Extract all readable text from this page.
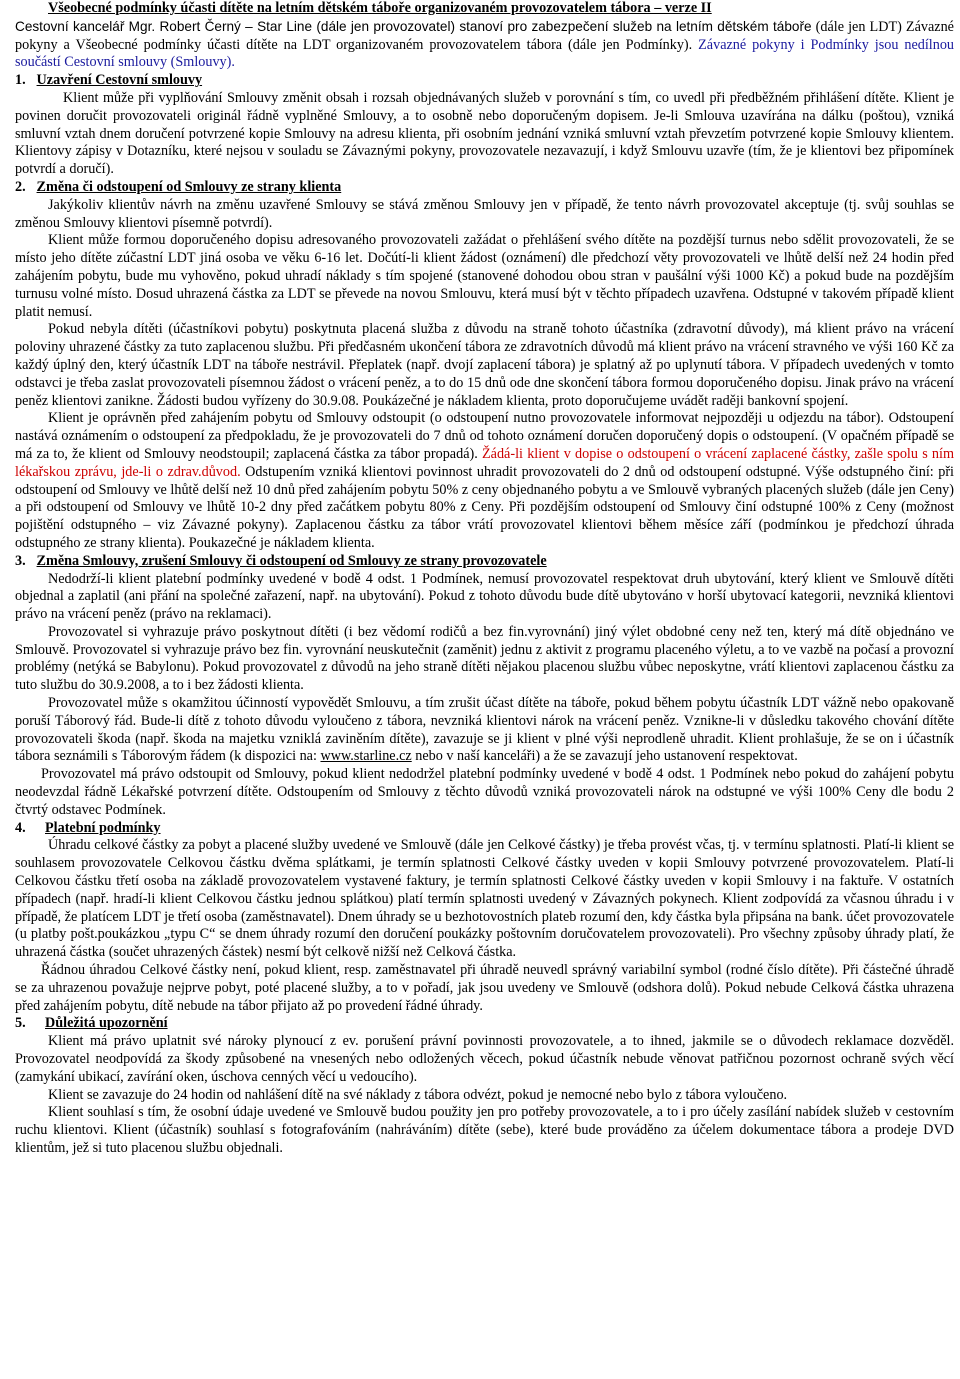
Všeobecné podmínky účasti dítěte na letním dětském táboře organizovaném provozovatelem tábora – verze II

Cestovní kancelář Mgr. Robert Černý – Star Line (dále jen provozovatel) stanoví pro zabezpečení služeb na letním dětském táboře (dále jen LDT) Závazné pokyny a Všeobecné podmínky účasti dítěte na LDT organizovaném provozovatelem tábora (dále jen Podmínky). Závazné pokyny i Podmínky jsou nedílnou součástí Cestovní smlouvy (Smlouvy).

1. Uzavření Cestovní smlouvy

Klient může při vyplňování Smlouvy změnit obsah i rozsah objednávaných služeb v porovnání s tím, co uvedl při předběžném přihlášení dítěte. Klient je povinen doručit provozovateli originál řádně vyplněné Smlouvy, a to osobně nebo doporučeným dopisem. Je-li Smlouva uzavírána na dálku (poštou), vzniká smluvní vztah dnem doručení potvrzené kopie Smlouvy na adresu klienta, při osobním jednání vzniká smluvní vztah převzetím potvrzené kopie Smlouvy klientem. Klientovy zápisy v Dotazníku, které nejsou v souladu se Závaznými pokyny, provozovatele nezavazují, i když Smlouvu uzavře (tím, že je klientovi bez připomínek potvrdí a doručí).

2. Změna či odstoupení od Smlouvy ze strany klienta

Jakýkoliv klientův návrh na změnu uzavřené Smlouvy se stává změnou Smlouvy jen v případě, že tento návrh provozovatel akceptuje (tj. svůj souhlas se změnou Smlouvy klientovi písemně potvrdí).

Klient může formou doporučeného dopisu adresovaného provozovateli zažádat o přehlášení svého dítěte na pozdější turnus nebo sdělit provozovateli, že se místo jeho dítěte zúčastní LDT jiná osoba ve věku 6-16 let. Dočútí-li klient žádost (oznámení) dle předchozí věty provozovateli ve lhůtě delší než 24 hodin před zahájením pobytu, bude mu vyhověno, pokud uhradí náklady s tím spojené (stanovené dohodou obou stran v paušální výši 1000 Kč) a pokud bude na pozdějším turnusu volné místo. Dosud uhrazená částka za LDT se převede na novou Smlouvu, která musí být v těchto případech uzavřena. Odstupné v takovém případě klient platit nemusí.

Pokud nebyla dítěti (účastníkovi pobytu) poskytnuta placená služba z důvodu na straně tohoto účastníka (zdravotní důvody), má klient právo na vrácení poloviny uhrazené částky za tuto zaplacenou službu. Při předčasném ukončení tábora ze zdravotních důvodů má klient právo na vrácení stravného ve výši 160 Kč za každý úplný den, který účastník LDT na táboře nestrávil. Přeplatek (např. dvojí zaplacení tábora) je splatný až po uplynutí tábora. V případech uvedených v tomto odstavci je třeba zaslat provozovateli písemnou žádost o vrácení peněz, a to do 15 dnů ode dne skončení tábora formou doporučeného dopisu. Jinak právo na vrácení peněz klientovi zanikne. Žádosti budou vyřízeny do 30.9.08. Poukázečné je nákladem klienta, proto doporučujeme uvádět raději bankovní spojení.

Klient je oprávněn před zahájením pobytu od Smlouvy odstoupit (o odstoupení nutno provozovatele informovat nejpozději u odjezdu na tábor). Odstoupení nastává oznámením o odstoupení za předpokladu, že je provozovateli do 7 dnů od tohoto oznámení doručen doporučený dopis o odstoupení. (V opačném případě se má za to, že klient od Smlouvy neodstoupil; zaplacená částka za tábor propadá). Žádá-li klient v dopise o odstoupení o vrácení zaplacené částky, zašle spolu s ním lékařskou zprávu, jde-li o zdrav.důvod. Odstupením vzniká klientovi povinnost uhradit provozovateli do 2 dnů od odstoupení odstupné. Výše odstupného činí: při odstoupení od Smlouvy ve lhůtě delší než 10 dnů před zahájením pobytu 50% z ceny objednaného pobytu a ve Smlouvě vybraných placených služeb (dále jen Ceny) a při odstoupení od Smlouvy ve lhůtě 10-2 dny před začátkem pobytu 80% z Ceny. Při pozdějším odstoupení od Smlouvy činí odstupné 100% z Ceny (možnost pojištění odstupného – viz Závazné pokyny). Zaplacenou částku za tábor vrátí provozovatel klientovi během měsíce září (podmínkou je předchozí úhrada odstupného ze strany klienta). Poukazečné je nákladem klienta.

3. Změna Smlouvy, zrušení Smlouvy či odstoupení od Smlouvy ze strany provozovatele

Nedodrží-li klient platební podmínky uvedené v bodě 4 odst. 1 Podmínek, nemusí provozovatel respektovat druh ubytování, který klient ve Smlouvě dítěti objednal a zaplatil (ani přání na společné zařazení, např. na ubytování). Pokud z tohoto důvodu bude dítě ubytováno v horší ubytovací kategorii, nevzniká klientovi právo na vrácení peněz (právo na reklamaci).

Provozovatel si vyhrazuje právo poskytnout dítěti (i bez vědomí rodičů a bez fin.vyrovnání) jiný výlet obdobné ceny než ten, který má dítě objednáno ve Smlouvě. Provozovatel si vyhrazuje právo bez fin. vyrovnání neuskutečnit (zaměnit) jednu z aktivit z programu placeného výletu, a to ve vazbě na počasí a provozní problémy (netýká se Babylonu). Pokud provozovatel z důvodů na jeho straně dítěti nějakou placenou službu vůbec neposkytne, vrátí klientovi zaplacenou částku za tuto službu do 30.9.2008, a to i bez žádosti klienta.

Provozovatel může s okamžitou účinností vypovědět Smlouvu, a tím zrušit účast dítěte na táboře, pokud během pobytu účastník LDT vážně nebo opakovaně poruší Táborový řád. Bude-li dítě z tohoto důvodu vyloučeno z tábora, nevzniká klientovi nárok na vrácení peněz. Vznikne-li v důsledku takového chování dítěte provozovateli škoda (např. škoda na majetku vzniklá zaviněním dítěte), zavazuje se ji klient v plné výši neprodleně uhradit. Klient prohlašuje, že se on i účastník tábora seznámili s Táborovým řádem (k dispozici na: www.starline.cz nebo v naší kanceláři) a že se zavazují jeho ustanovení respektovat.

Provozovatel má právo odstoupit od Smlouvy, pokud klient nedodržel platební podmínky uvedené v bodě 4 odst. 1 Podmínek nebo pokud do zahájení pobytu neodevzdal řádně Lékařské potvrzení dítěte. Odstoupením od Smlouvy z těchto důvodů vzniká provozovateli nárok na odstupné ve výši 100% Ceny dle bodu 2 čtvrtý odstavec Podmínek.

4. Platební podmínky

Úhradu celkové částky za pobyt a placené služby uvedené ve Smlouvě (dále jen Celkové částky) je třeba provést včas, tj. v termínu splatnosti. Platí-li klient se souhlasem provozovatele Celkovou částku dvěma splátkami, je termín splatnosti Celkové částky uveden v kopii Smlouvy potvrzené provozovatelem. Platí-li Celkovou částku třetí osoba na základě provozovatelem vystavené faktury, je termín splatnosti Celkové částky uveden v kopii Smlouvy i na faktuře. V ostatních případech (např. hradí-li klient Celkovou částku jednou splátkou) platí termín splatnosti uvedený v Závazných pokynech. Klient zodpovídá za včasnou úhradu i v případě, že platícem LDT je třetí osoba (zaměstnavatel). Dnem úhrady se u bezhotovostních plateb rozumí den, kdy částka byla připsána na bank. účet provozovatele (u platby pošt.poukázkou „typu C“ se dnem úhrady rozumí den doručení poukázky poštovním doručovatelem provozovateli). Pro všechny způsoby úhrady platí, že uhrazená částka (součet uhrazených částek) nesmí být celkově nižší než Celková částka.

Řádnou úhradou Celkové částky není, pokud klient, resp. zaměstnavatel při úhradě neuvedl správný variabilní symbol (rodné číslo dítěte). Při částečné úhradě se za uhrazenou považuje nejprve pobyt, poté placené služby, a to v pořadí, jak jsou uvedeny ve Smlouvě (odshora dolů). Pokud nebude Celková částka uhrazena před zahájením pobytu, dítě nebude na tábor přijato až po provedení řádné úhrady.

5. Důležitá upozornění

Klient má právo uplatnit své nároky plynoucí z ev. porušení právní povinnosti provozovatele, a to ihned, jakmile se o důvodech reklamace dozvěděl. Provozovatel neodpovídá za škody způsobené na vnesených nebo odložených věcech, pokud účastník nebude věnovat patřičnou pozornost ochraně svých věcí (zamykání ubikací, zavírání oken, úschova cenných věcí u vedoucího).

Klient se zavazuje do 24 hodin od nahlášení dítě na své náklady z tábora odvézt, pokud je nemocné nebo bylo z tábora vyloučeno.

Klient souhlasí s tím, že osobní údaje uvedené ve Smlouvě budou použity jen pro potřeby provozovatele, a to i pro účely zasílání nabídek služeb v cestovním ruchu klientovi. Klient (účastník) souhlasí s fotografováním (nahráváním) dítěte (sebe), které bude prováděno za účelem dokumentace tábora a prodeje DVD klientům, jež si tuto placenou službu objednali.
